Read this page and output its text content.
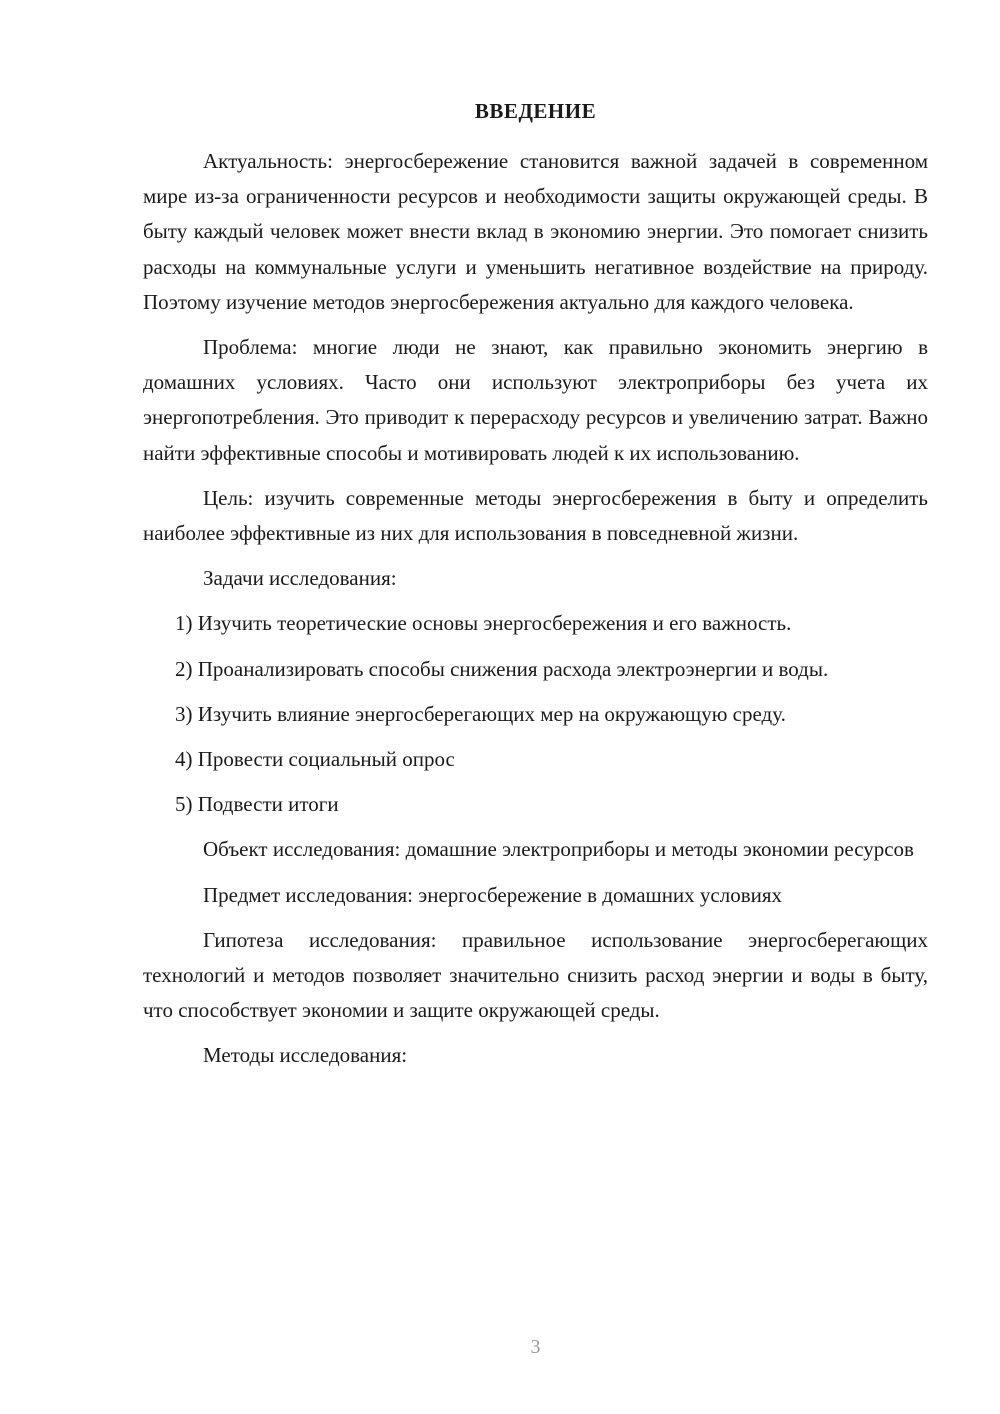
ВВЕДЕНИЕ

Актуальность: энергосбережение становится важной задачей в современном мире из-за ограниченности ресурсов и необходимости защиты окружающей среды. В быту каждый человек может внести вклад в экономию энергии. Это помогает снизить расходы на коммунальные услуги и уменьшить негативное воздействие на природу. Поэтому изучение методов энергосбережения актуально для каждого человека.

Проблема: многие люди не знают, как правильно экономить энергию в домашних условиях. Часто они используют электроприборы без учета их энергопотребления. Это приводит к перерасходу ресурсов и увеличению затрат. Важно найти эффективные способы и мотивировать людей к их использованию.

Цель: изучить современные методы энергосбережения в быту и определить наиболее эффективные из них для использования в повседневной жизни.

Задачи исследования:

1) Изучить теоретические основы энергосбережения и его важность.

2) Проанализировать способы снижения расхода электроэнергии и воды.

3) Изучить влияние энергосберегающих мер на окружающую среду.

4) Провести социальный опрос

5) Подвести итоги

Объект исследования: домашние электроприборы и методы экономии ресурсов

Предмет исследования: энергосбережение в домашних условиях

Гипотеза исследования: правильное использование энергосберегающих технологий и методов позволяет значительно снизить расход энергии и воды в быту, что способствует экономии и защите окружающей среды.

Методы исследования:

3
